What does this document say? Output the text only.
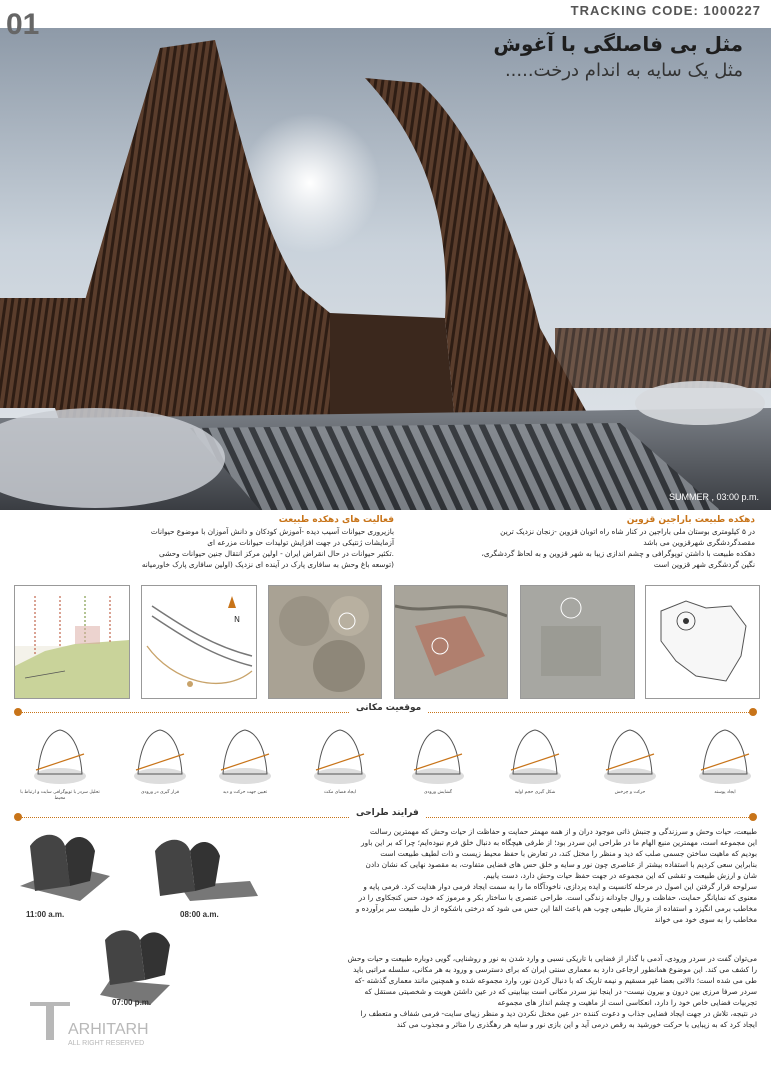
TRACKING CODE: 1000227
01
مثل بی فاصلگی با آغوش
مثل یک سایه به اندام درخت.....
SUMMER , 03:00 p.m.

دهکده طبیعت باراجین قزوین

در ۵ کیلومتری بوستان ملی باراجین در کنار شاه راه اتوبان قزوین -زنجان نزدیک ترین

مقصدگردشگری شهرقزوین می باشد

دهکده طبیعت با داشتن توپوگرافی و چشم اندازی زیبا به شهر قزوین و به لحاظ گردشگری،

نگین گردشگری شهر قزوین است

فعالیت های دهکده طبیعت

بازپروری حیوانات آسیب دیده -آموزش کودکان و دانش آموزان با موضوع حیوانات

آزمایشات ژنتیکی در جهت افزایش تولیدات حیوانات مزرعه ای

.تکثیر حیوانات در حال انقراض ایران - اولین مرکز انتقال جنین حیوانات وحشی

(توسعه باغ وحش به سافاری پارک در آینده ای نزدیک (اولین سافاری پارک خاورمیانه

N
موقعیت مکانی
تحلیل سردر با توپوگرافی سایت و ارتباط با محیط
قرار گیری در ورودی	تعیین جهت حرکت و دید	ایجاد فضای مکث	گشایش ورودی	شکل گیری حجم اولیه	حرکت و چرخش	ایجاد پوسته
فرایند طراحی
11:00 a.m.	08:00 a.m.
07:00 p.m.

طبیعت، حیات وحش و سرزندگی و جنبش ذاتی موجود دران و از همه مهمتر حمایت و حفاظت از حیات وحش که مهمترین رسالت

این مجموعه است، مهمترین منبع الهام ما در طراحی این سردر بود؛ از طرفی هیچگاه به دنبال خلق فرم نبوده‌ایم؛ چرا که بر این باور

بودیم که ماهیت ساختن جسمی صلب که دید و منظر را مختل کند، در تعارض با حفظ محیط زیست و ذات لطیف طبیعت است

بنابراین سعی کردیم با استفاده بیشتر از عناصری چون نور و سایه و خلق حس های فضایی متفاوت، به مقصود نهایی که نشان دادن

شان و ارزش طبیعت و تقشی که این مجموعه در جهت حفظ حیات وحش دارد، دست یابیم.

سرلوحه قرار گرفتن این اصول در مرحله کانسپت و ایده پردازی، ناخودآگاه ما را به سمت ایجاد فرمی دوار هدایت کرد. فرمی پایه و

معنوی که نمایانگر حمایت، حفاظت و روال جاودانه زندگی است. طراحی عنصری با ساختار بکر و مرموز که خود، حس کنجکاوی را در

مخاطب برمی انگیزد و استفاده از متریال طبیعی چوب هم باعث القا این حس می شود که درختی باشکوه از دل طبیعت سر برآورده و

مخاطب را به سوی خود می خواند

می‌توان گفت در سردر ورودی، آدمی با گذار از فضایی با تاریکی نسبی و وارد شدن به نور و روشنایی، گویی دوباره طبیعت و حیات وحش

را کشف می کند. این موضوع همانطور ارجاعی دارد به معماری سنتی ایران که برای دسترسی و ورود به هر مکانی، سلسله مراتبی باید

طی می شده است؛ دالانی بعضا غیر مسقیم و نیمه تاریک که با دنبال کردن نور، وارد مجموعه شده و همچنین مانند معماری گذشته -که

سردر صرفا مرزی بین درون و بیرون نیست- در اینجا نیز سردر مکانی است بینابینی که در عین داشتن هویت و شخصیتی مستقل که

تجربیات فضایی خاص خود را دارد، انعکاسی است از ماهیت و چشم انداز های مجموعه

در نتیجه، تلاش در جهت ایجاد فضایی جذاب و دعوت کننده -در عین مختل نکردن دید و منظر زیبای سایت- فرمی شفاف و متعطف را

ایجاد کرد که به زیبایی با حرکت خورشید به رقص درمی آید و این بازی نور و سایه هر رهگذری را متاثر و مجذوب می کند

ARHITARH
ALL RIGHT RESERVED
